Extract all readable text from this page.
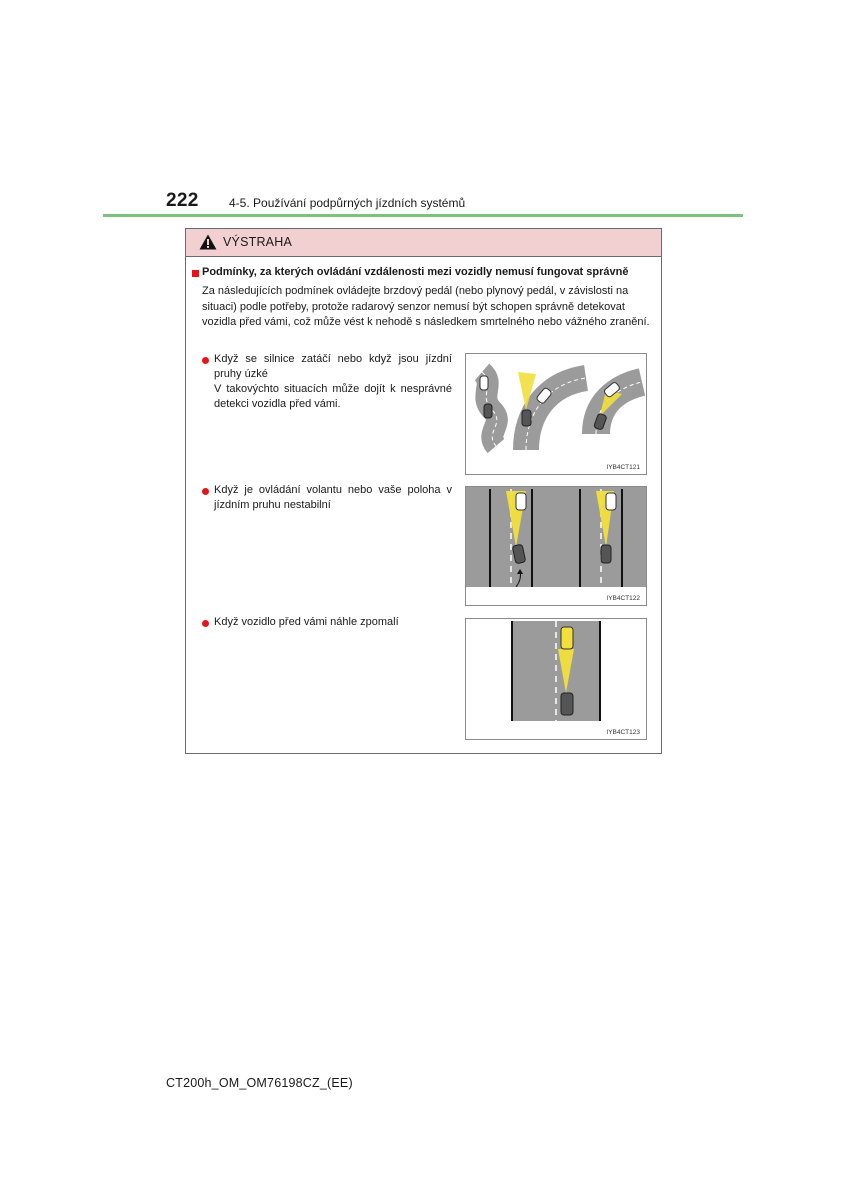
222	4-5. Používání podpůrných jízdních systémů
VÝSTRAHA
Podmínky, za kterých ovládání vzdálenosti mezi vozidly nemusí fungovat správně
Za následujících podmínek ovládejte brzdový pedál (nebo plynový pedál, v závislosti na situaci) podle potřeby, protože radarový senzor nemusí být schopen správně detekovat vozidla před vámi, což může vést k nehodě s následkem smrtelného nebo vážného zranění.
Když se silnice zatáčí nebo když jsou jízdní pruhy úzké
V takovýchto situacích může dojít k nesprávné detekci vozidla před vámi.
IYB4CT121
Když je ovládání volantu nebo vaše poloha v jízdním pruhu nestabilní
IYB4CT122
Když vozidlo před vámi náhle zpomalí
IYB4CT123
CT200h_OM_OM76198CZ_(EE)
